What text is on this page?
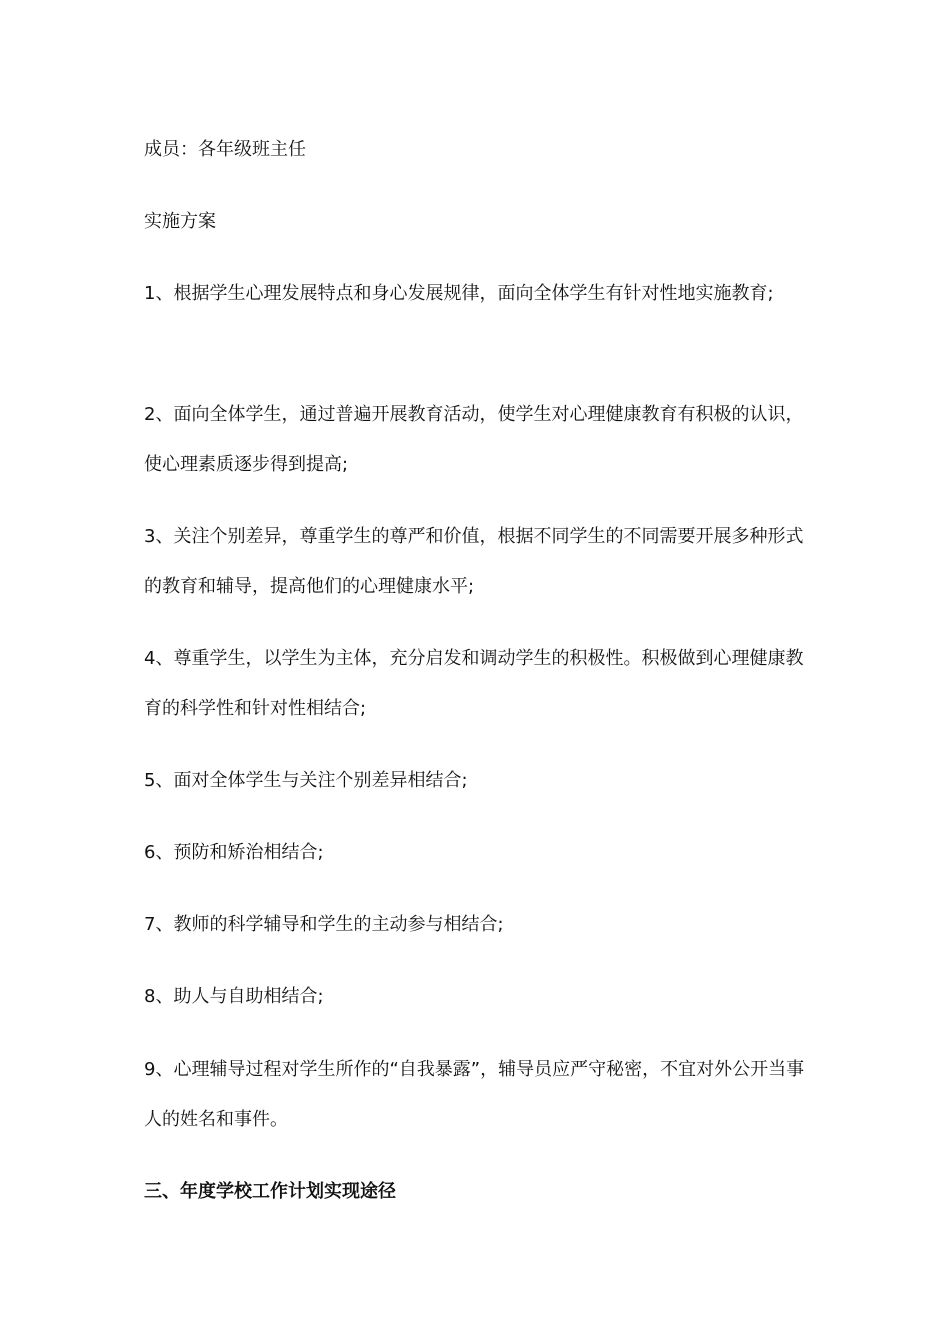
成员：各年级班主任

实施方案

1、根据学生心理发展特点和身心发展规律，面向全体学生有针对性地实施教育;

2、面向全体学生，通过普遍开展教育活动，使学生对心理健康教育有积极的认识，使心理素质逐步得到提高;

3、关注个别差异，尊重学生的尊严和价值，根据不同学生的不同需要开展多种形式的教育和辅导，提高他们的心理健康水平;

4、尊重学生，以学生为主体，充分启发和调动学生的积极性。积极做到心理健康教育的科学性和针对性相结合;

5、面对全体学生与关注个别差异相结合;

6、预防和矫治相结合;

7、教师的科学辅导和学生的主动参与相结合;

8、助人与自助相结合;

9、心理辅导过程对学生所作的“自我暴露”，辅导员应严守秘密，不宜对外公开当事人的姓名和事件。

三、年度学校工作计划实现途径
